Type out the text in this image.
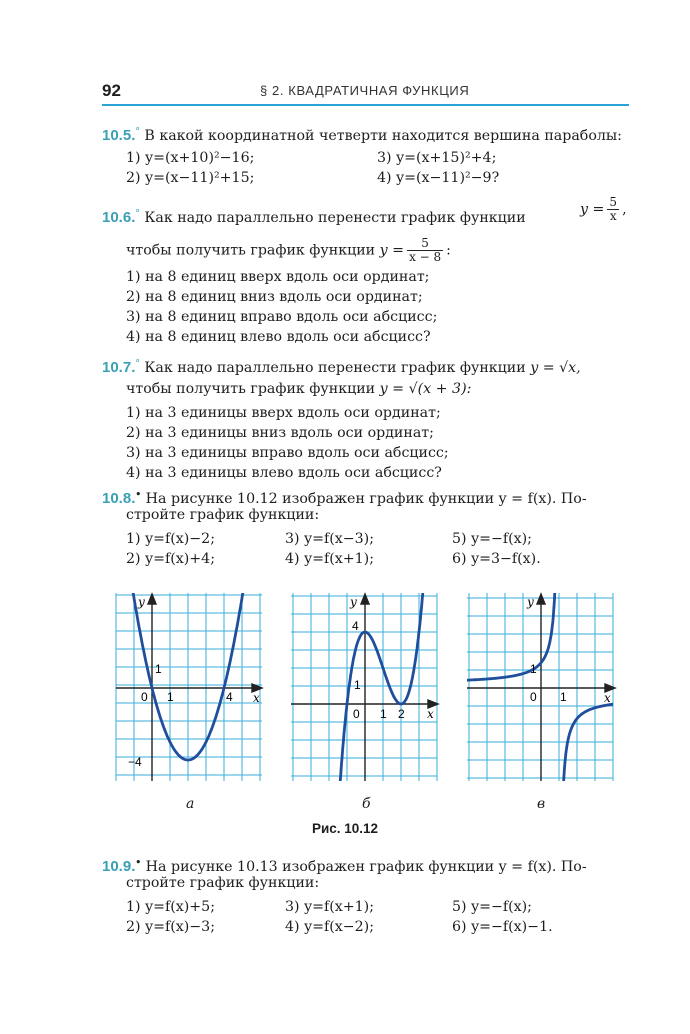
92	§ 2. КВАДРАТИЧНАЯ ФУНКЦИЯ
10.5.° В какой координатной четверти находится вершина параболы:
1) y=(x+10)²−16;	3) y=(x+15)²+4;
2) y=(x−11)²+15;	4) y=(x−11)²−9?
10.6.° Как надо параллельно перенести график функции
$y = \frac{5}{x}$ ,
чтобы получить график функции $y = \frac{5}{x - 8}$ :
1) на 8 единиц вверх вдоль оси ординат;
2) на 8 единиц вниз вдоль оси ординат;
3) на 8 единиц вправо вдоль оси абсцисс;
4) на 8 единиц влево вдоль оси абсцисс?
10.7.° Как надо параллельно перенести график функции y = √x,
чтобы получить график функции y = √(x + 3):
1) на 3 единицы вверх вдоль оси ординат;
2) на 3 единицы вниз вдоль оси ординат;
3) на 3 единицы вправо вдоль оси абсцисс;
4) на 3 единицы влево вдоль оси абсцисс?
10.8.• На рисунке 10.12 изображен график функции y = f(x). По-
стройте график функции:
1) y=f(x)−2;	3) y=f(x−3);	5) y=−f(x);
2) y=f(x)+4;	4) y=f(x+1);	6) y=3−f(x).
x
y
0 1
1
4
−4
x
y
4
1
0 1 2
x
y
1
0 1
а	б	в
Рис. 10.12
10.9.• На рисунке 10.13 изображен график функции y = f(x). По-
стройте график функции:
1) y=f(x)+5;	3) y=f(x+1);	5) y=−f(x);
2) y=f(x)−3;	4) y=f(x−2);	6) y=−f(x)−1.
